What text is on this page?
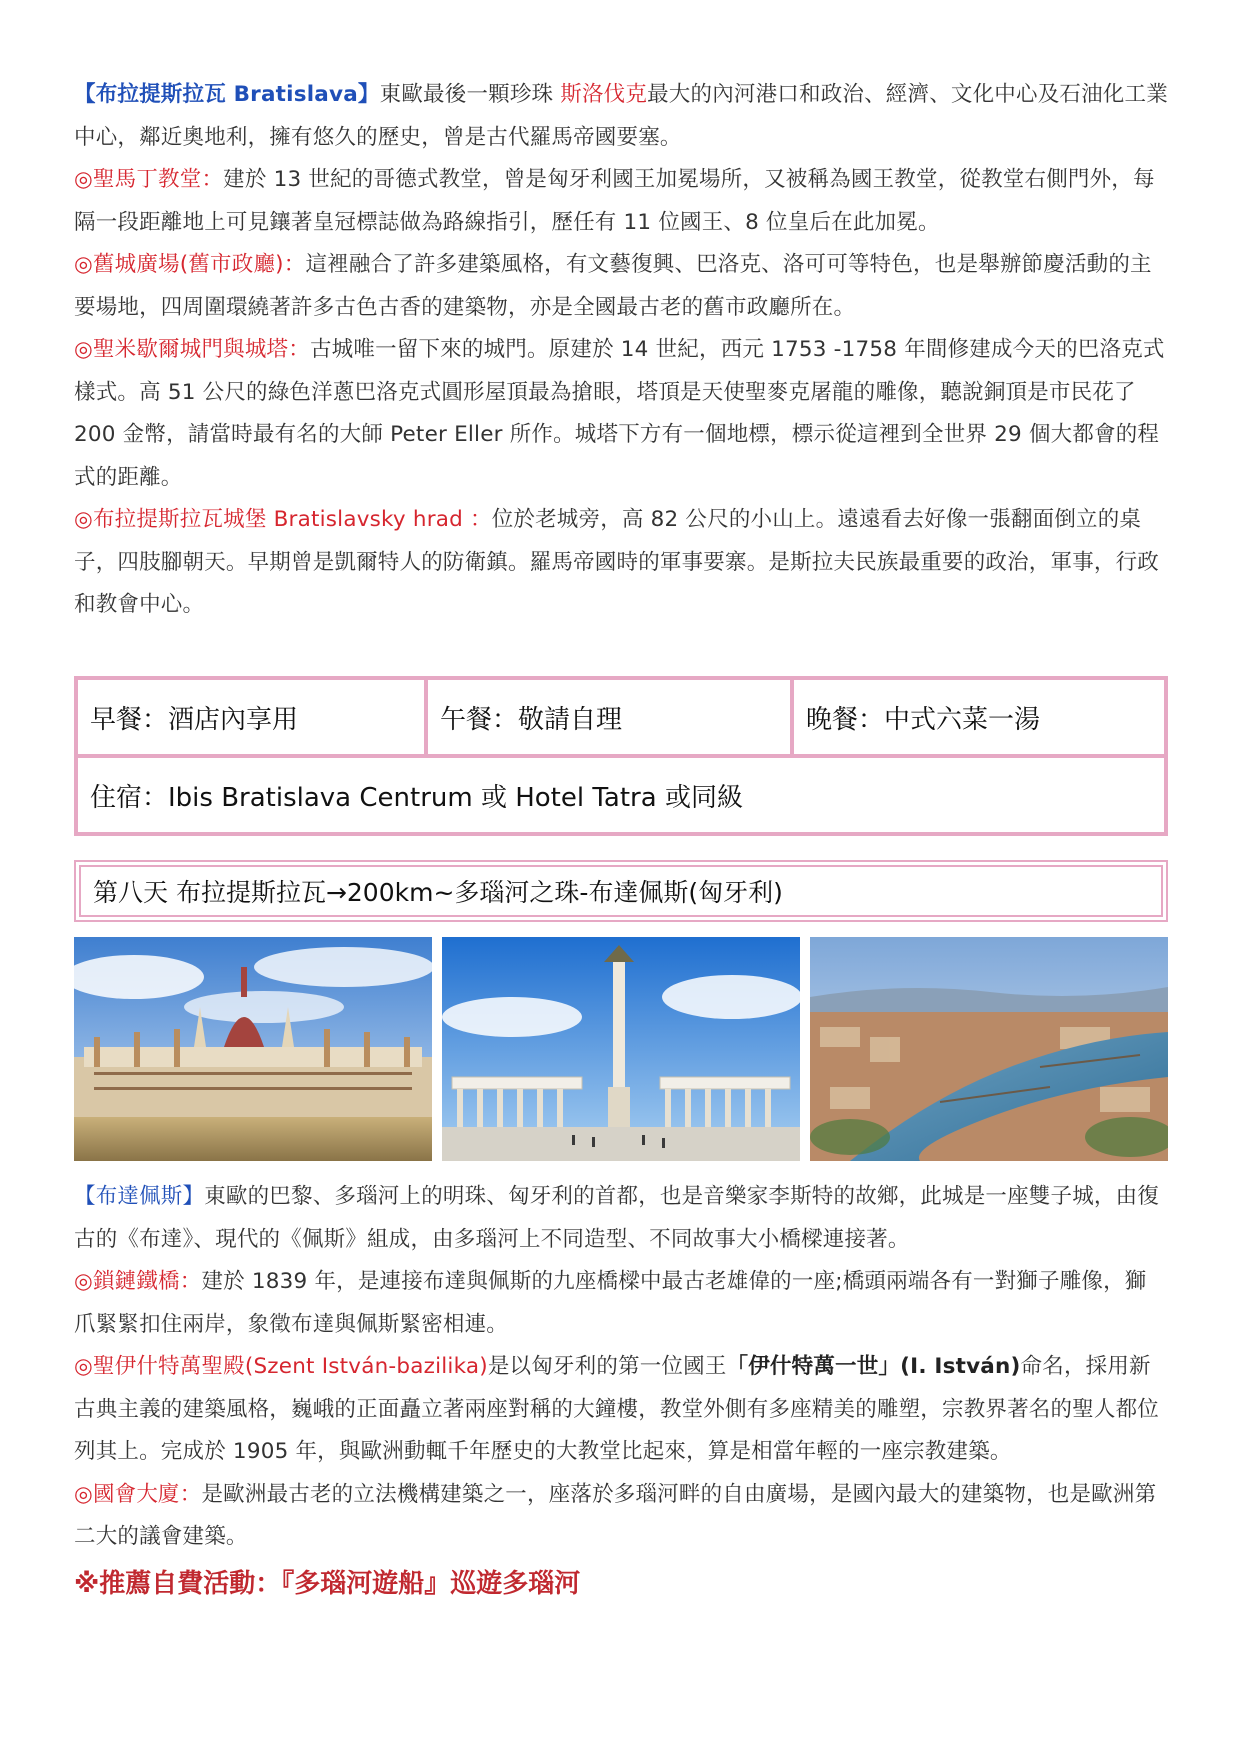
【布拉提斯拉瓦 Bratislava】東歐最後一顆珍珠 斯洛伐克最大的內河港口和政治、經濟、文化中心及石油化工業中心，鄰近奧地利，擁有悠久的歷史，曾是古代羅馬帝國要塞。

◎聖馬丁教堂：建於 13 世紀的哥德式教堂，曾是匈牙利國王加冕場所，又被稱為國王教堂，從教堂右側門外，每隔一段距離地上可見鑲著皇冠標誌做為路線指引，歷任有 11 位國王、8 位皇后在此加冕。

◎舊城廣場(舊市政廳)：這裡融合了許多建築風格，有文藝復興、巴洛克、洛可可等特色，也是舉辦節慶活動的主要場地，四周圍環繞著許多古色古香的建築物，亦是全國最古老的舊市政廳所在。

◎聖米歇爾城門與城塔：古城唯一留下來的城門。原建於 14 世紀，西元 1753 -1758 年間修建成今天的巴洛克式樣式。高 51 公尺的綠色洋蔥巴洛克式圓形屋頂最為搶眼，塔頂是天使聖麥克屠龍的雕像，聽說銅頂是市民花了 200 金幣，請當時最有名的大師 Peter Eller 所作。城塔下方有一個地標，標示從這裡到全世界 29 個大都會的程式的距離。

◎布拉提斯拉瓦城堡 Bratislavsky hrad ：位於老城旁，高 82 公尺的小山上。遠遠看去好像一張翻面倒立的桌子，四肢腳朝天。早期曾是凱爾特人的防衛鎮。羅馬帝國時的軍事要寨。是斯拉夫民族最重要的政治，軍事，行政和教會中心。

早餐：酒店內享用	午餐：敬請自理	晚餐：中式六菜一湯
住宿：Ibis Bratislava Centrum 或 Hotel Tatra 或同級
第八天 布拉提斯拉瓦→200km~多瑙河之珠-布達佩斯(匈牙利)

【布達佩斯】東歐的巴黎、多瑙河上的明珠、匈牙利的首都，也是音樂家李斯特的故鄉，此城是一座雙子城，由復古的《布達》、現代的《佩斯》組成，由多瑙河上不同造型、不同故事大小橋樑連接著。

◎鎖鏈鐵橋：建於 1839 年，是連接布達與佩斯的九座橋樑中最古老雄偉的一座;橋頭兩端各有一對獅子雕像，獅爪緊緊扣住兩岸，象徵布達與佩斯緊密相連。

◎聖伊什特萬聖殿(Szent István-bazilika)是以匈牙利的第一位國王「伊什特萬一世」(I. István)命名，採用新古典主義的建築風格，巍峨的正面矗立著兩座對稱的大鐘樓，教堂外側有多座精美的雕塑，宗教界著名的聖人都位列其上。完成於 1905 年，與歐洲動輒千年歷史的大教堂比起來，算是相當年輕的一座宗教建築。

◎國會大廈：是歐洲最古老的立法機構建築之一，座落於多瑙河畔的自由廣場，是國內最大的建築物，也是歐洲第二大的議會建築。

※推薦自費活動：『多瑙河遊船』巡遊多瑙河
